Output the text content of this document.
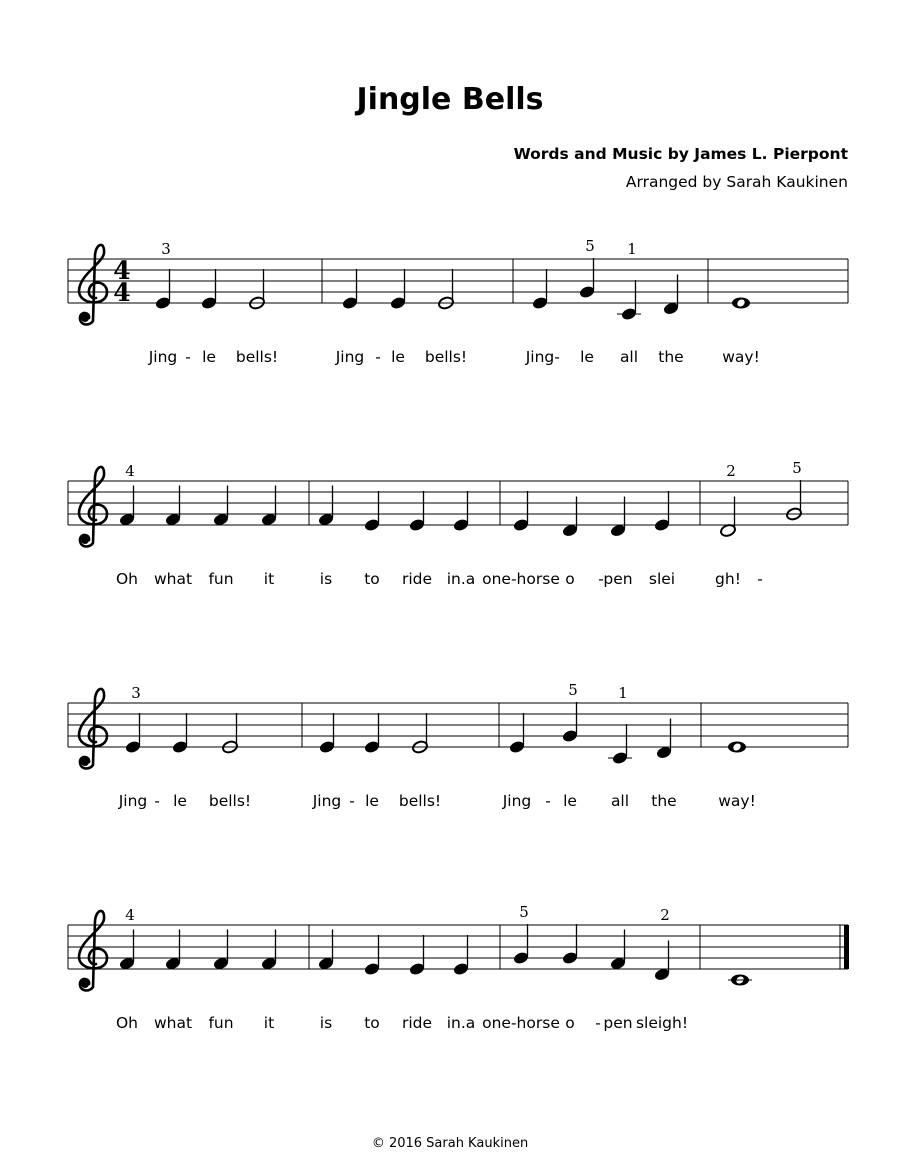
Jingle Bells
Words and Music by James L. Pierpont
Arranged by Sarah Kaukinen
4
4
3
Jing le bells!	Jing le bells!	Jing
5
le
1
all the way!
-	-	-
4
Oh what fun it	is to ride in.a one-horse o pen slei
2
gh!
5
-	-
3
Jing le bells!	Jing le bells!	Jing
5
le
1
all the	way!
-	-	-
4
Oh what fun it	is to ride in.a
5
one-horse o pen
2
sleigh!
-
© 2016 Sarah Kaukinen
